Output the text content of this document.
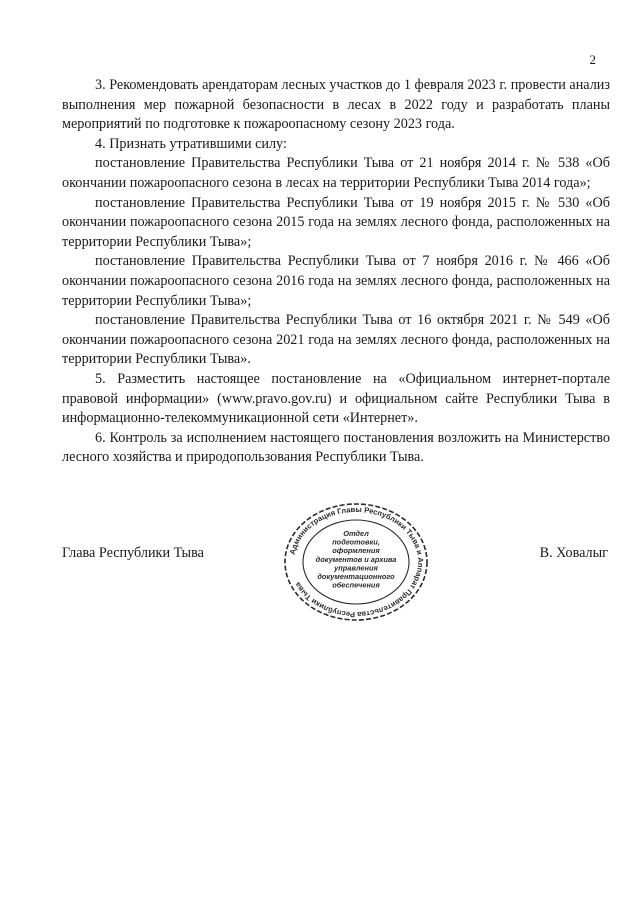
2

3. Рекомендовать арендаторам лесных участков до 1 февраля 2023 г. провести анализ выполнения мер пожарной безопасности в лесах в 2022 году и разработать планы мероприятий по подготовке к пожароопасному сезону 2023 года.

4. Признать утратившими силу:

постановление Правительства Республики Тыва от 21 ноября 2014 г. № 538 «Об окончании пожароопасного сезона в лесах на территории Республики Тыва 2014 года»;

постановление Правительства Республики Тыва от 19 ноября 2015 г. № 530 «Об окончании пожароопасного сезона 2015 года на землях лесного фонда, расположенных на территории Республики Тыва»;

постановление Правительства Республики Тыва от 7 ноября 2016 г. № 466 «Об окончании пожароопасного сезона 2016 года на землях лесного фонда, расположенных на территории Республики Тыва»;

постановление Правительства Республики Тыва от 16 октября 2021 г. № 549 «Об окончании пожароопасного сезона 2021 года на землях лесного фонда, расположенных на территории Республики Тыва».

5. Разместить настоящее постановление на «Официальном интернет-портале правовой информации» (www.pravo.gov.ru) и официальном сайте Республики Тыва в информационно-телекоммуникационной сети «Интернет».

6. Контроль за исполнением настоящего постановления возложить на Министерство лесного хозяйства и природопользования Республики Тыва.

Глава Республики Тыва	Администрация Главы Республики Тыва и Аппарат Правительства Республики Тыва
Отдел
подготовки,
оформления
документов и архива
управления
документационного
обеспечения
В. Ховалыг
